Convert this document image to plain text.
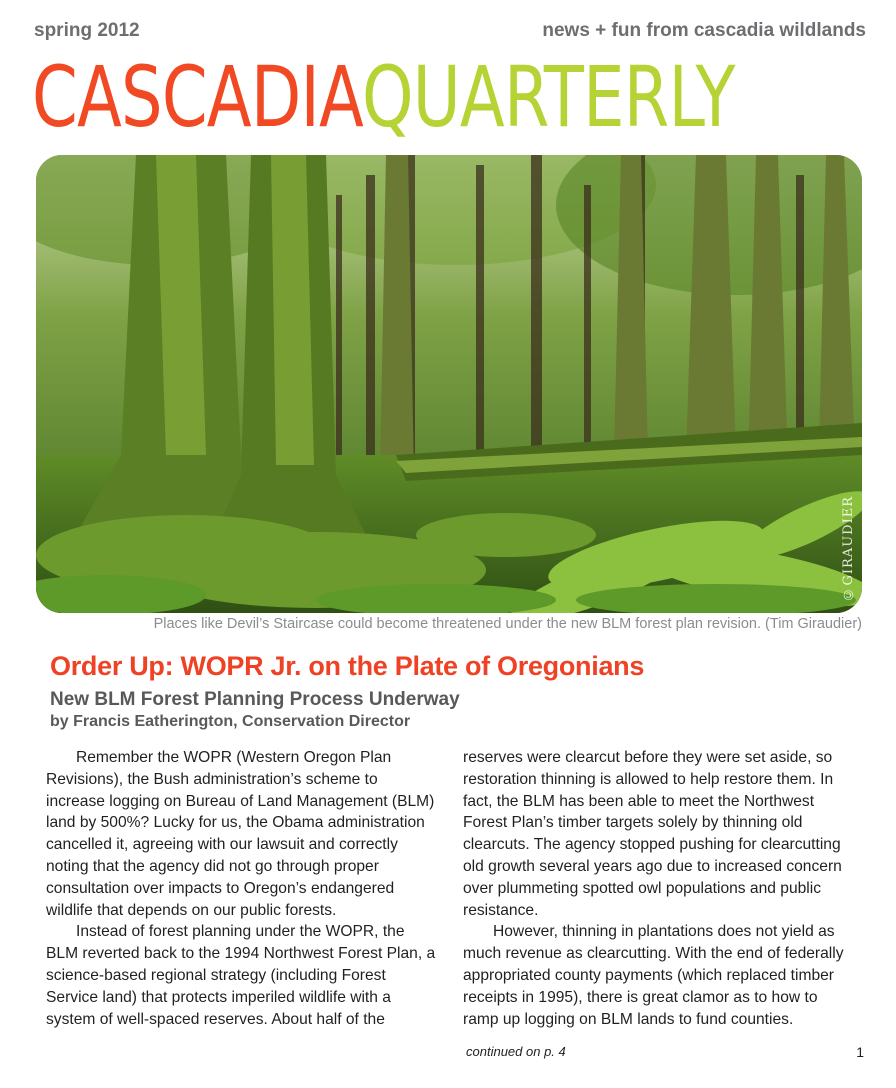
spring 2012	news + fun from cascadia wildlands
CASCADIAQUARTERLY
©GIRAUDIER
Places like Devil’s Staircase could become threatened under the new BLM forest plan revision. (Tim Giraudier)
Order Up: WOPR Jr. on the Plate of Oregonians
New BLM Forest Planning Process Underway
by Francis Eatherington, Conservation Director

Remember the WOPR (Western Oregon Plan Revisions), the Bush administration’s scheme to increase logging on Bureau of Land Management (BLM) land by 500%? Lucky for us, the Obama administration cancelled it, agreeing with our lawsuit and correctly noting that the agency did not go through proper consultation over impacts to Oregon’s endangered wildlife that depends on our public forests.

Instead of forest planning under the WOPR, the BLM reverted back to the 1994 Northwest Forest Plan, a science-based regional strategy (including Forest Service land) that protects imperiled wildlife with a system of well-spaced reserves. About half of the

reserves were clearcut before they were set aside, so restoration thinning is allowed to help restore them. In fact, the BLM has been able to meet the Northwest Forest Plan’s timber targets solely by thinning old clearcuts. The agency stopped pushing for clearcutting old growth several years ago due to increased concern over plummeting spotted owl populations and public resistance.

However, thinning in plantations does not yield as much revenue as clearcutting. With the end of federally appropriated county payments (which replaced timber receipts in 1995), there is great clamor as to how to ramp up logging on BLM lands to fund counties.

continued on p. 4	1
